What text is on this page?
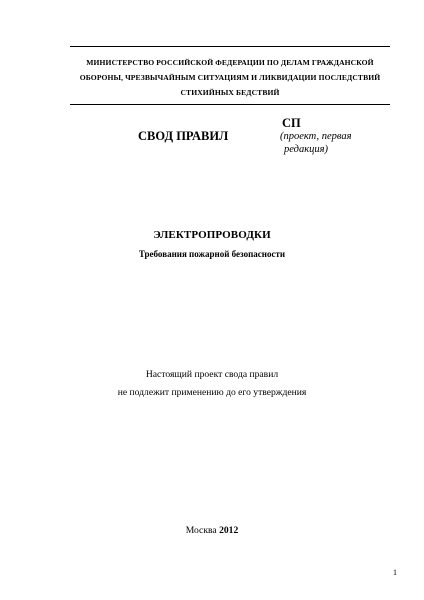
МИНИСТЕРСТВО РОССИЙСКОЙ ФЕДЕРАЦИИ ПО ДЕЛАМ ГРАЖДАНСКОЙ
ОБОРОНЫ, ЧРЕЗВЫЧАЙНЫМ СИТУАЦИЯМ И ЛИКВИДАЦИИ ПОСЛЕДСТВИЙ
СТИХИЙНЫХ БЕДСТВИЙ
СВОД ПРАВИЛ
СП
(проект, первая
редакция)
ЭЛЕКТРОПРОВОДКИ
Требования пожарной безопасности
Настоящий проект свода правил
не подлежит применению до его утверждения
Москва 2012
1
